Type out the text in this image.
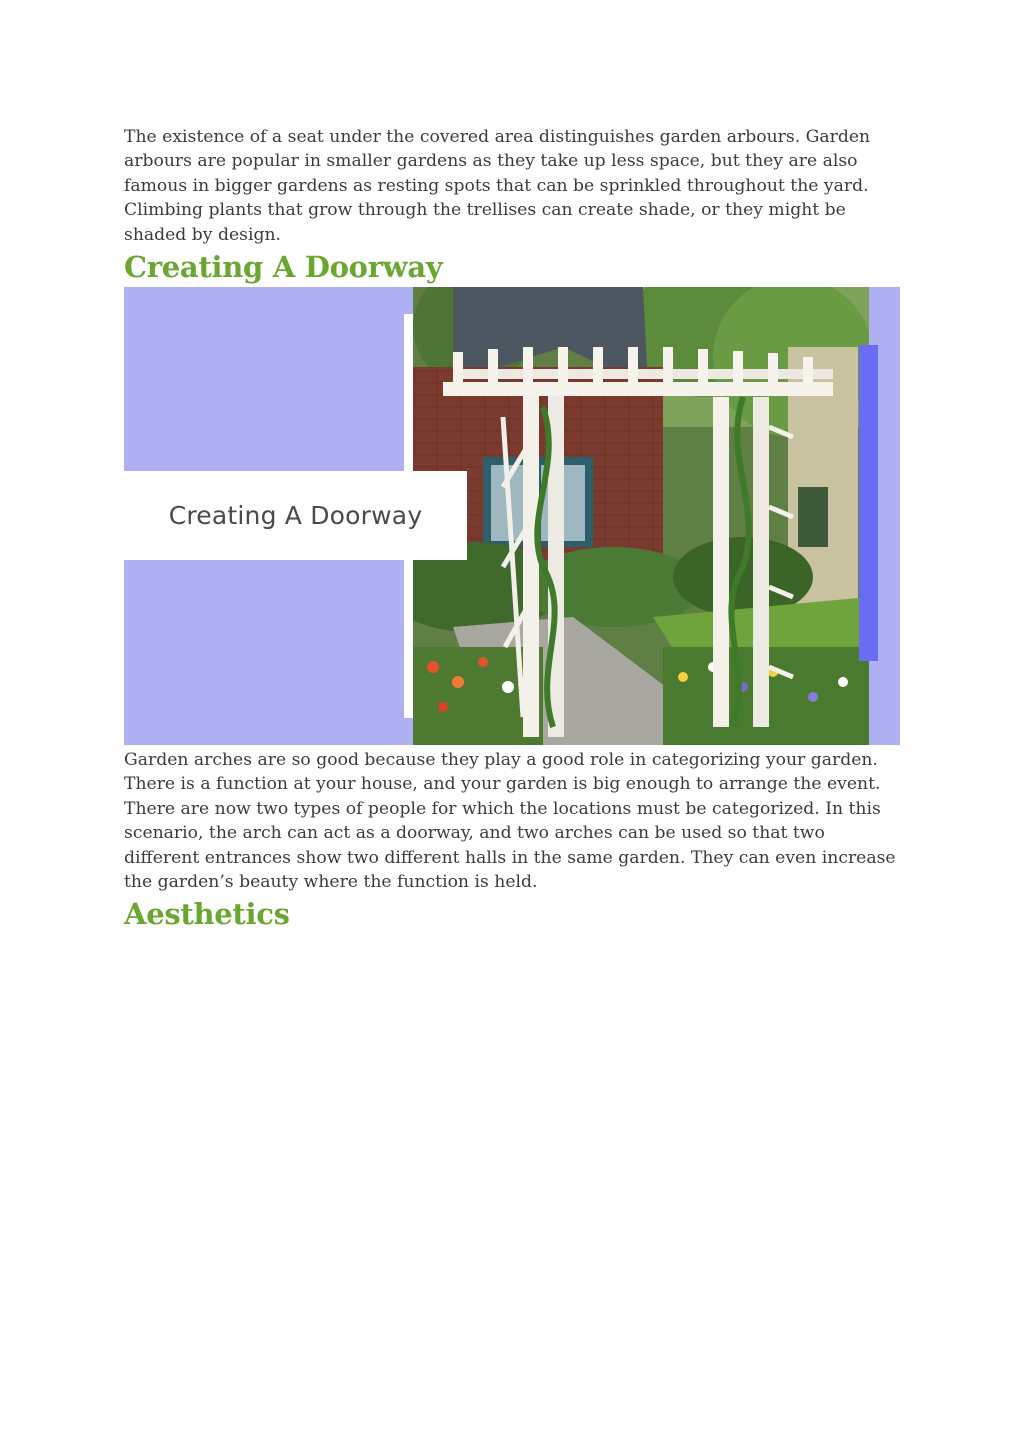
The existence of a seat under the covered area distinguishes garden arbours. Garden arbours are popular in smaller gardens as they take up less space, but they are also famous in bigger gardens as resting spots that can be sprinkled throughout the yard. Climbing plants that grow through the trellises can create shade, or they might be shaded by design.

Creating A Doorway
Creating A Doorway

Garden arches are so good because they play a good role in categorizing your garden. There is a function at your house, and your garden is big enough to arrange the event. There are now two types of people for which the locations must be categorized. In this scenario, the arch can act as a doorway, and two arches can be used so that two different entrances show two different halls in the same garden. They can even increase the garden’s beauty where the function is held.

Aesthetics
